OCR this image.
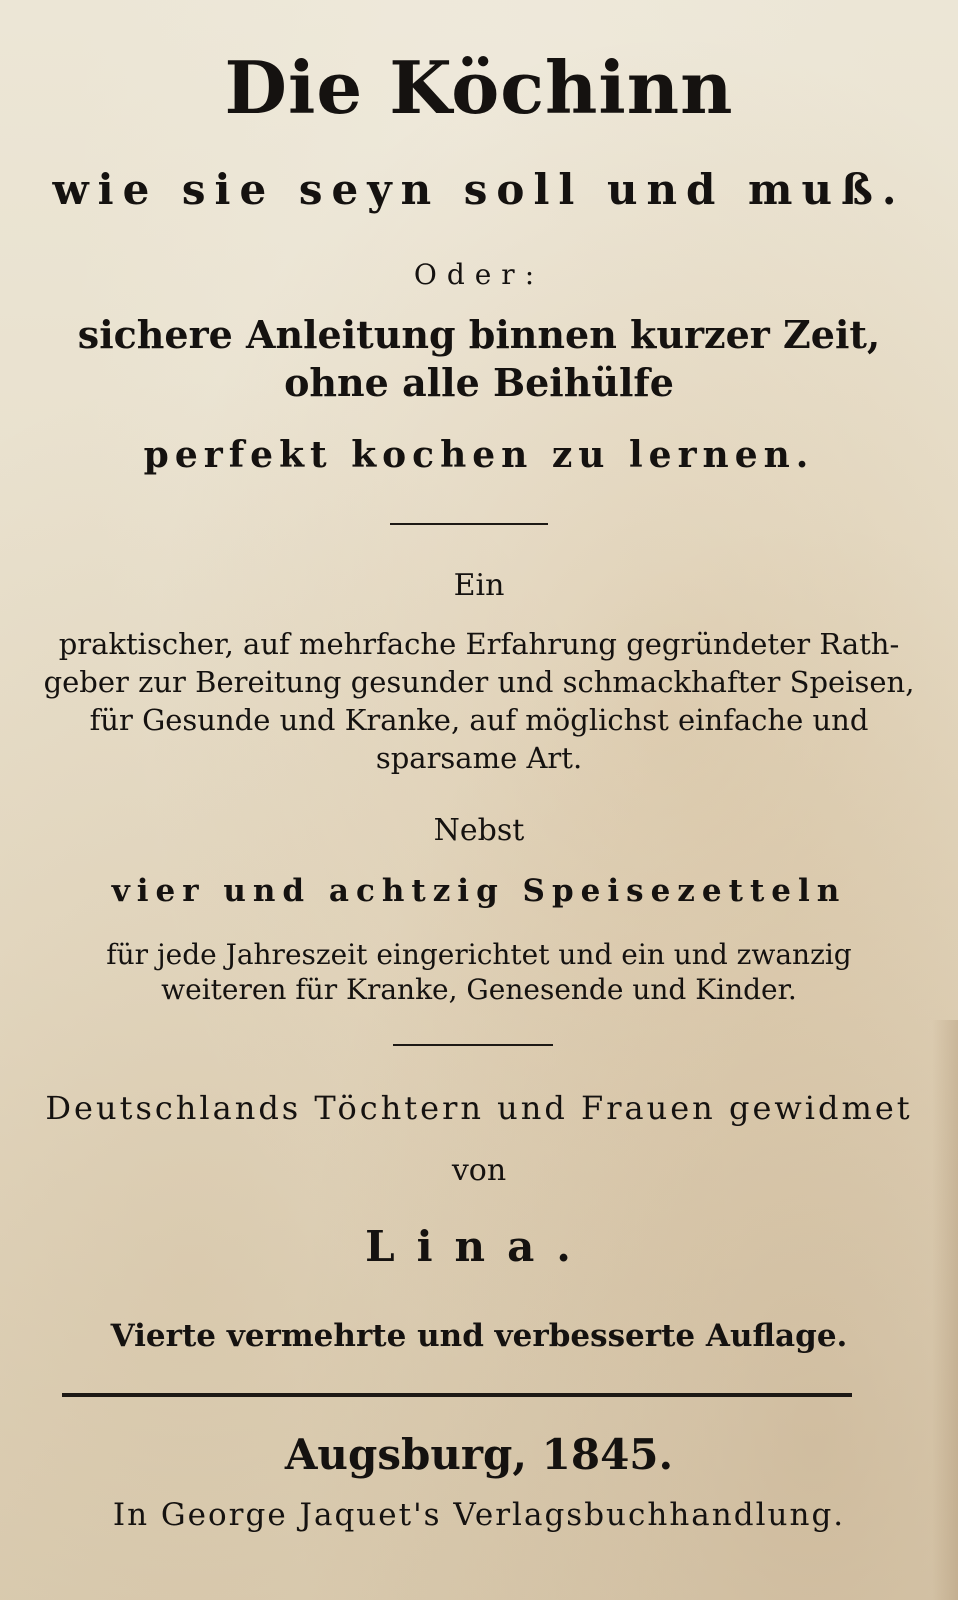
Die Köchinn
wie sie seyn soll und muß.
Oder:
sichere Anleitung binnen kurzer Zeit,
ohne alle Beihülfe
perfekt kochen zu lernen.
Ein
praktischer, auf mehrfache Erfahrung gegründeter Rath-
geber zur Bereitung gesunder und schmackhafter Speisen,
für Gesunde und Kranke, auf möglichst einfache und
sparsame Art.
Nebst
vier und achtzig Speisezetteln
für jede Jahreszeit eingerichtet und ein und zwanzig
weiteren für Kranke, Genesende und Kinder.
Deutschlands Töchtern und Frauen gewidmet
von
Lina.
Vierte vermehrte und verbesserte Auflage.
Augsburg, 1845.
In George Jaquet's Verlagsbuchhandlung.
